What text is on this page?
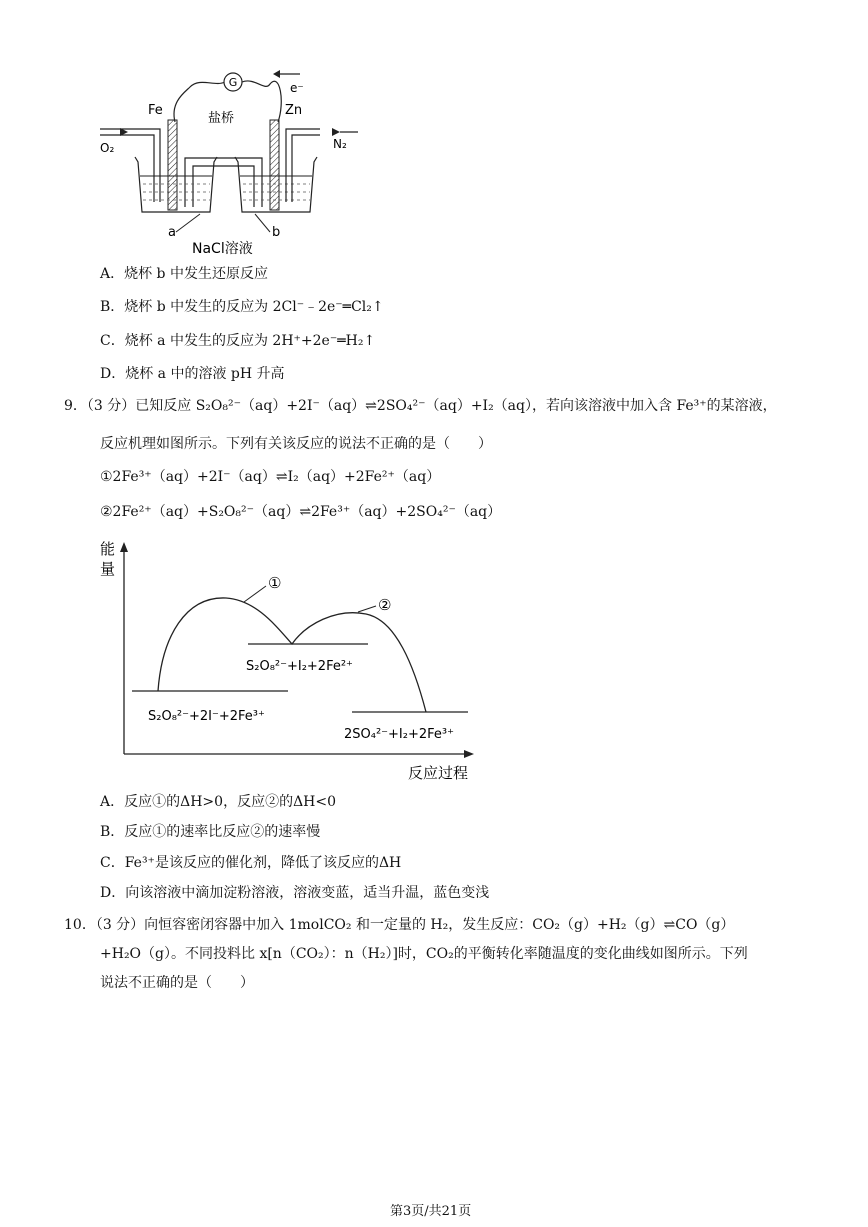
G	e⁻
Fe	Zn
盐桥
O₂	N₂
a	b
NaCl溶液
A．烧杯 b 中发生还原反应
B．烧杯 b 中发生的反应为 2Cl⁻﹣2e⁻═Cl₂↑
C．烧杯 a 中发生的反应为 2H⁺+2e⁻═H₂↑
D．烧杯 a 中的溶液 pH 升高
9．（3 分）已知反应 S₂O₈²⁻（aq）+2I⁻（aq）⇌2SO₄²⁻（aq）+I₂（aq），若向该溶液中加入含 Fe³⁺的某溶液，
反应机理如图所示。下列有关该反应的说法不正确的是（　　）
①2Fe³⁺（aq）+2I⁻（aq）⇌I₂（aq）+2Fe²⁺（aq）
②2Fe²⁺（aq）+S₂O₈²⁻（aq）⇌2Fe³⁺（aq）+2SO₄²⁻（aq）
能
量
反应过程
①
②
S₂O₈²⁻+2I⁻+2Fe³⁺
S₂O₈²⁻+I₂+2Fe²⁺
2SO₄²⁻+I₂+2Fe³⁺
A．反应①的ΔH>0，反应②的ΔH<0
B．反应①的速率比反应②的速率慢
C．Fe³⁺是该反应的催化剂，降低了该反应的ΔH
D．向该溶液中滴加淀粉溶液，溶液变蓝，适当升温，蓝色变浅
10．（3 分）向恒容密闭容器中加入 1molCO₂ 和一定量的 H₂，发生反应：CO₂（g）+H₂（g）⇌CO（g）
+H₂O（g）。不同投料比 x[n（CO₂）：n（H₂）]时，CO₂的平衡转化率随温度的变化曲线如图所示。下列
说法不正确的是（　　）
第3页/共21页
